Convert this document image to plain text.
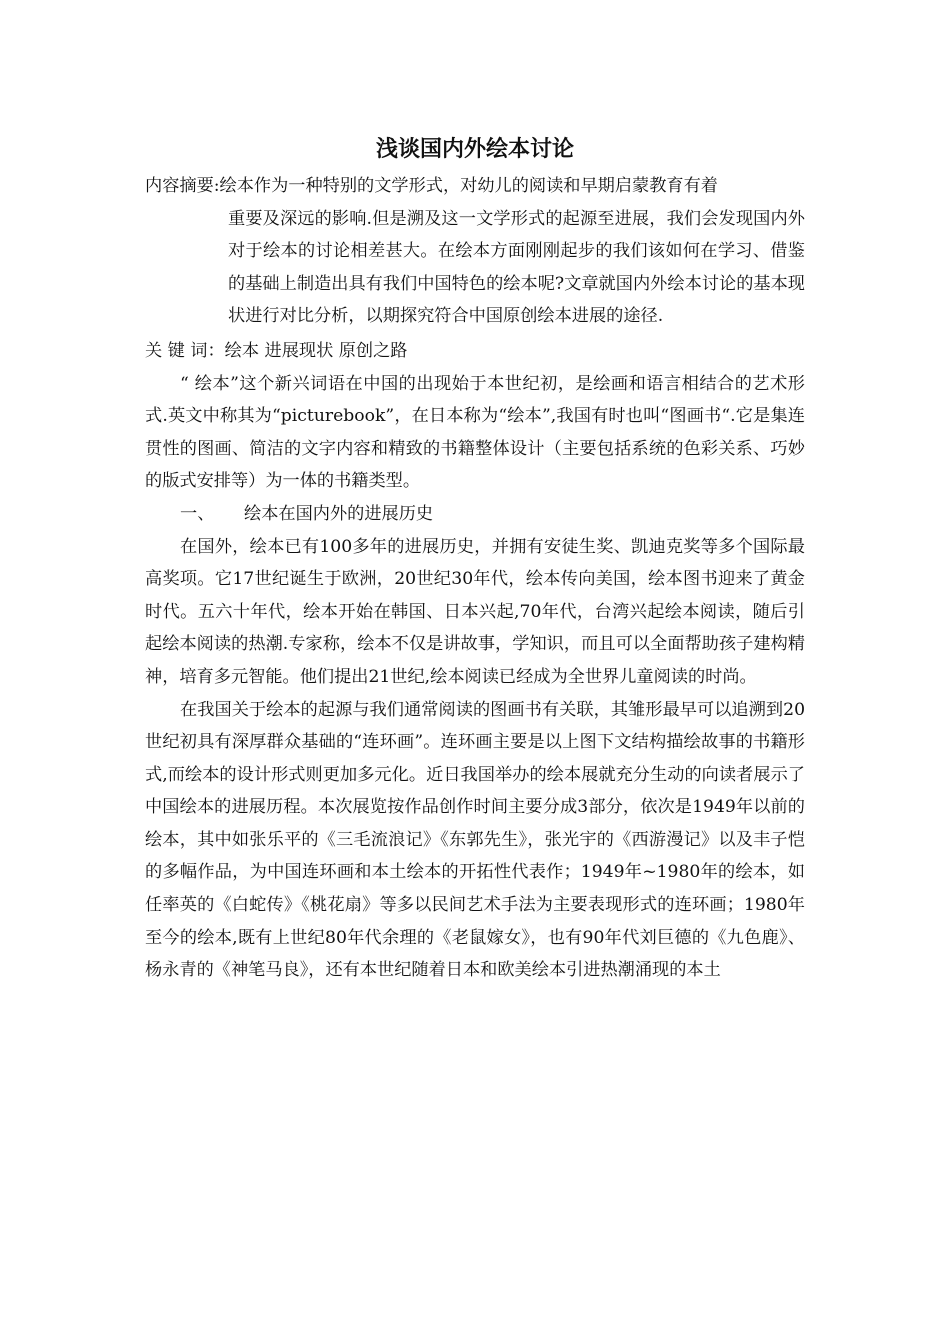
浅谈国内外绘本讨论
内容摘要:绘本作为一种特别的文学形式，对幼儿的阅读和早期启蒙教育有着
重要及深远的影响.但是溯及这一文学形式的起源至进展，我们会发现国内外对于绘本的讨论相差甚大。在绘本方面刚刚起步的我们该如何在学习、借鉴的基础上制造出具有我们中国特色的绘本呢?文章就国内外绘本讨论的基本现状进行对比分析，以期探究符合中国原创绘本进展的途径.

关 键 词：绘本 进展现状 原创之路

“ 绘本”这个新兴词语在中国的出现始于本世纪初，是绘画和语言相结合的艺术形式.英文中称其为“picturebook”，在日本称为“绘本”,我国有时也叫“图画书“.它是集连贯性的图画、简洁的文字内容和精致的书籍整体设计（主要包括系统的色彩关系、巧妙的版式安排等）为一体的书籍类型。

一、 绘本在国内外的进展历史

在国外，绘本已有100多年的进展历史，并拥有安徒生奖、凯迪克奖等多个国际最高奖项。它17世纪诞生于欧洲，20世纪30年代，绘本传向美国，绘本图书迎来了黄金时代。五六十年代，绘本开始在韩国、日本兴起,70年代，台湾兴起绘本阅读，随后引起绘本阅读的热潮.专家称，绘本不仅是讲故事，学知识，而且可以全面帮助孩子建构精神，培育多元智能。他们提出21世纪,绘本阅读已经成为全世界儿童阅读的时尚。

在我国关于绘本的起源与我们通常阅读的图画书有关联，其雏形最早可以追溯到20世纪初具有深厚群众基础的“连环画”。连环画主要是以上图下文结构描绘故事的书籍形式,而绘本的设计形式则更加多元化。近日我国举办的绘本展就充分生动的向读者展示了中国绘本的进展历程。本次展览按作品创作时间主要分成3部分，依次是1949年以前的绘本，其中如张乐平的《三毛流浪记》《东郭先生》，张光宇的《西游漫记》以及丰子恺的多幅作品，为中国连环画和本土绘本的开拓性代表作；1949年~1980年的绘本，如任率英的《白蛇传》《桃花扇》等多以民间艺术手法为主要表现形式的连环画；1980年至今的绘本,既有上世纪80年代余理的《老鼠嫁女》，也有90年代刘巨德的《九色鹿》、杨永青的《神笔马良》，还有本世纪随着日本和欧美绘本引进热潮涌现的本土
